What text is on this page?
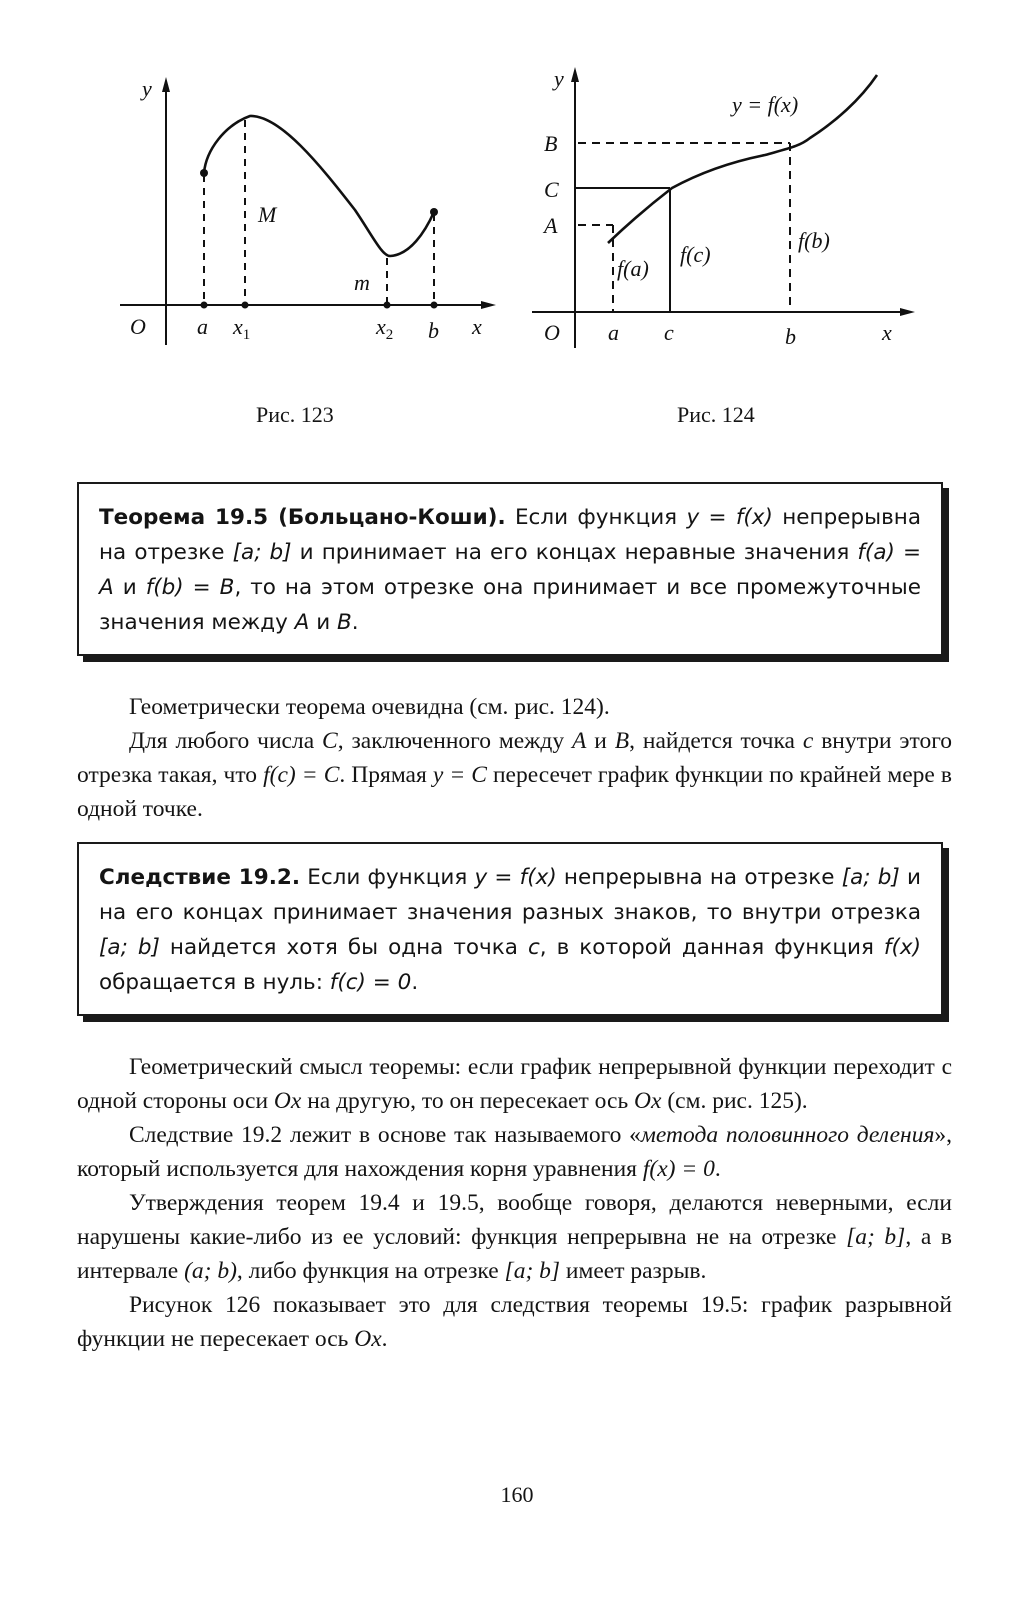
y
O a $x_1$	$x_2$ b x
M
m
Рис. 123
y
O
B
C
A
y = f(x)
f(a)
f(c)
f(b)
a c	b	x
Рис. 124
Теорема 19.5 (Больцано-Коши). Если функция y = f(x) непрерывна на отрезке [a; b] и принимает на его концах неравные значения f(a) = A и f(b) = B, то на этом отрезке она принимает и все промежуточные значения между A и B.

Геометрически теорема очевидна (см. рис. 124).

Для любого числа C, заключенного между A и B, найдется точка c внутри этого отрезка такая, что f(c) = C. Прямая y = C пересечет график функции по крайней мере в одной точке.

Следствие 19.2. Если функция y = f(x) непрерывна на отрезке [a; b] и на его концах принимает значения разных знаков, то внутри отрезка [a; b] найдется хотя бы одна точка c, в которой данная функция f(x) обращается в нуль: f(c) = 0.

Геометрический смысл теоремы: если график непрерывной функции переходит с одной стороны оси Ox на другую, то он пересекает ось Ox (см. рис. 125).

Следствие 19.2 лежит в основе так называемого «метода половинного деления», который используется для нахождения корня уравнения f(x) = 0.

Утверждения теорем 19.4 и 19.5, вообще говоря, делаются неверными, если нарушены какие-либо из ее условий: функция непрерывна не на отрезке [a; b], а в интервале (a; b), либо функция на отрезке [a; b] имеет разрыв.

Рисунок 126 показывает это для следствия теоремы 19.5: график разрывной функции не пересекает ось Ox.

160
